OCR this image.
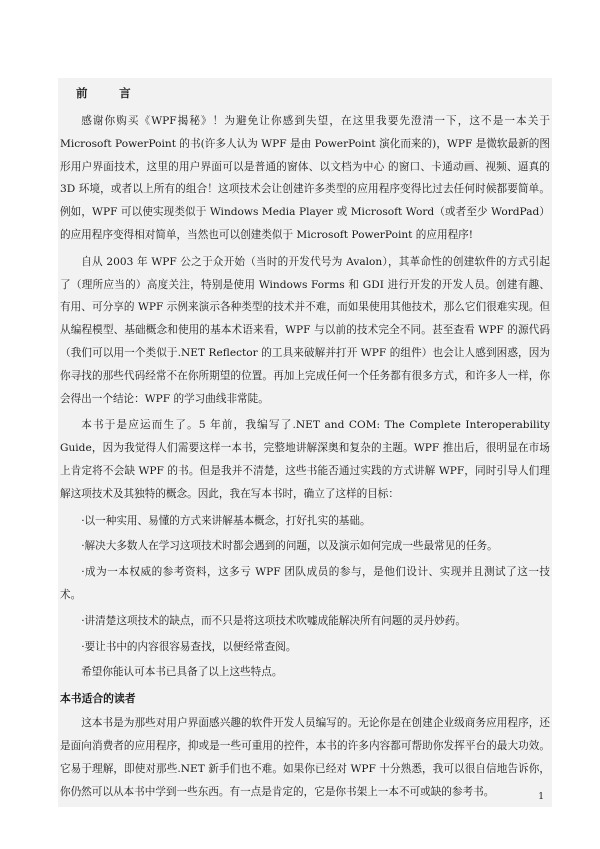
前 言

感谢你购买《WPF揭秘》！为避免让你感到失望，在这里我要先澄清一下，这不是一本关于 Microsoft PowerPoint 的书(许多人认为 WPF 是由 PowerPoint 演化而来的)，WPF 是微软最新的图形用户界面技术，这里的用户界面可以是普通的窗体、以文档为中心 的窗口、卡通动画、视频、逼真的 3D 环境，或者以上所有的组合！这项技术会让创建许多类型的应用程序变得比过去任何时候都要简单。例如，WPF 可以使实现类似于 Windows Media Player 或 Microsoft Word（或者至少 WordPad）的应用程序变得相对简单，当然也可以创建类似于 Microsoft PowerPoint 的应用程序!

自从 2003 年 WPF 公之于众开始（当时的开发代号为 Avalon），其革命性的创建软件的方式引起了（理所应当的）高度关注，特别是使用 Windows Forms 和 GDI 进行开发的开发人员。创建有趣、有用、可分享的 WPF 示例来演示各种类型的技术并不难，而如果使用其他技术，那么它们很难实现。但从编程模型、基础概念和使用的基本术语来看，WPF 与以前的技术完全不同。甚至查看 WPF 的源代码（我们可以用一个类似于.NET Reflector 的工具来破解并打开 WPF 的组件）也会让人感到困惑，因为你寻找的那些代码经常不在你所期望的位置。再加上完成任何一个任务都有很多方式，和许多人一样，你会得出一个结论：WPF 的学习曲线非常陡。

本书于是应运而生了。5 年前，我编写了.NET and COM: The Complete Interoperability Guide，因为我觉得人们需要这样一本书，完整地讲解深奥和复杂的主题。WPF 推出后，很明显在市场上肯定将不会缺 WPF 的书。但是我并不清楚，这些书能否通过实践的方式讲解 WPF，同时引导人们理解这项技术及其独特的概念。因此，我在写本书时，确立了这样的目标：

·以一种实用、易懂的方式来讲解基本概念，打好扎实的基础。

·解决大多数人在学习这项技术时都会遇到的问题，以及演示如何完成一些最常见的任务。

·成为一本权威的参考资料，这多亏 WPF 团队成员的参与，是他们设计、实现并且测试了这一技术。

·讲清楚这项技术的缺点，而不只是将这项技术吹嘘成能解决所有问题的灵丹妙药。

·要让书中的内容很容易查找，以便经常查阅。

希望你能认可本书已具备了以上这些特点。

本书适合的读者

这本书是为那些对用户界面感兴趣的软件开发人员编写的。无论你是在创建企业级商务应用程序，还是面向消费者的应用程序，抑或是一些可重用的控件，本书的许多内容都可帮助你发挥平台的最大功效。它易于理解，即使对那些.NET 新手们也不难。如果你已经对 WPF 十分熟悉，我可以很自信地告诉你，你仍然可以从本书中学到一些东西。有一点是肯定的，它是你书架上一本不可或缺的参考书。	1
